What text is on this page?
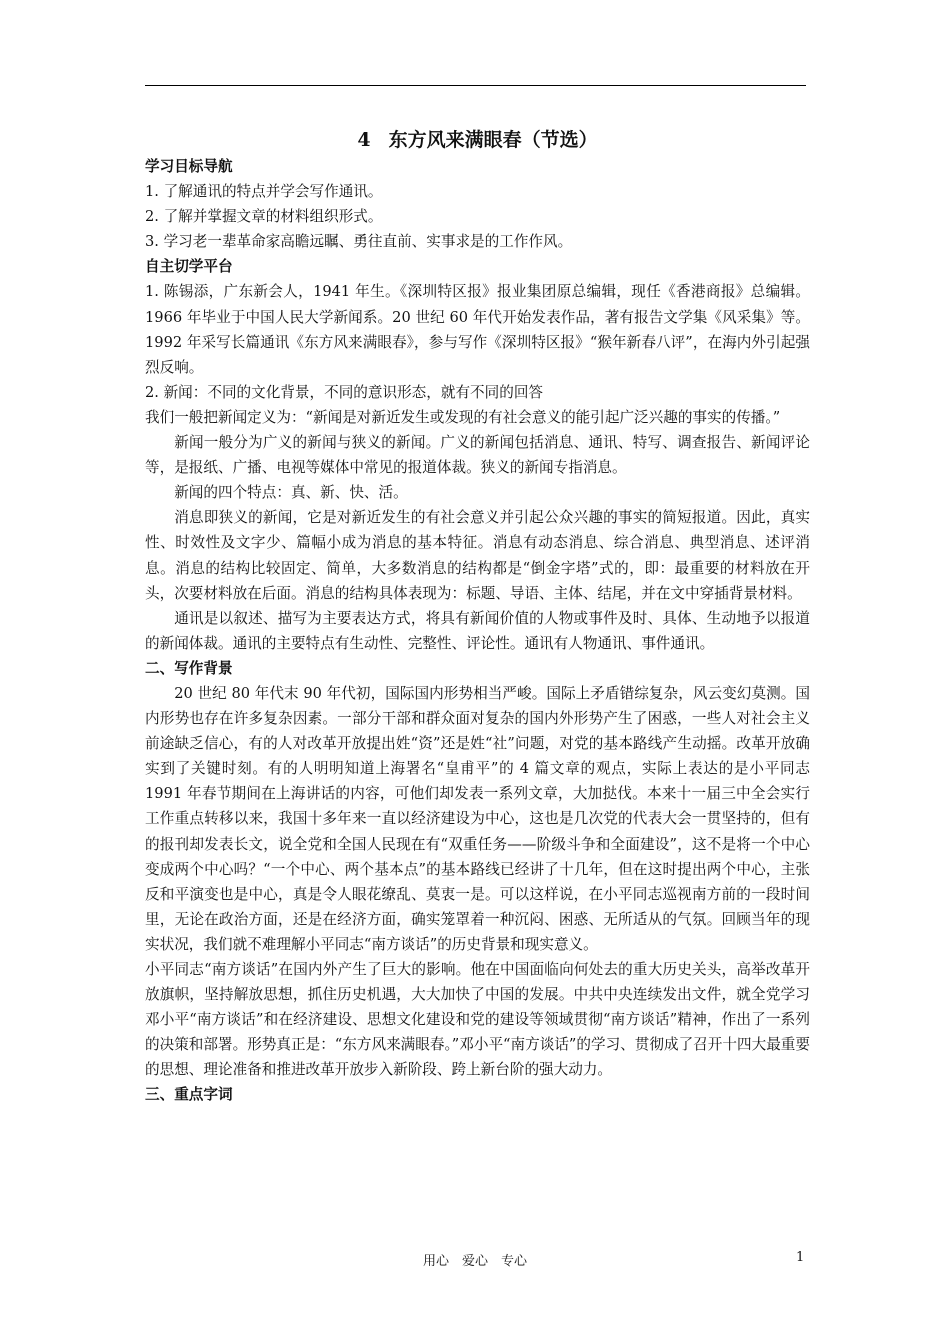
4 东方风来满眼春（节选）
学习目标导航

1. 了解通讯的特点并学会写作通讯。

2. 了解并掌握文章的材料组织形式。

3. 学习老一辈革命家高瞻远瞩、勇往直前、实事求是的工作作风。

自主切学平台

1. 陈锡添，广东新会人，1941 年生。《深圳特区报》报业集团原总编辑，现任《香港商报》总编辑。1966 年毕业于中国人民大学新闻系。20 世纪 60 年代开始发表作品，著有报告文学集《风采集》等。1992 年采写长篇通讯《东方风来满眼春》，参与写作《深圳特区报》“猴年新春八评”，在海内外引起强烈反响。

2. 新闻：不同的文化背景，不同的意识形态，就有不同的回答

我们一般把新闻定义为：“新闻是对新近发生或发现的有社会意义的能引起广泛兴趣的事实的传播。”

新闻一般分为广义的新闻与狭义的新闻。广义的新闻包括消息、通讯、特写、调查报告、新闻评论等，是报纸、广播、电视等媒体中常见的报道体裁。狭义的新闻专指消息。

新闻的四个特点：真、新、快、活。

消息即狭义的新闻，它是对新近发生的有社会意义并引起公众兴趣的事实的简短报道。因此，真实性、时效性及文字少、篇幅小成为消息的基本特征。消息有动态消息、综合消息、典型消息、述评消息。消息的结构比较固定、简单，大多数消息的结构都是“倒金字塔”式的，即：最重要的材料放在开头，次要材料放在后面。消息的结构具体表现为：标题、导语、主体、结尾，并在文中穿插背景材料。

通讯是以叙述、描写为主要表达方式，将具有新闻价值的人物或事件及时、具体、生动地予以报道的新闻体裁。通讯的主要特点有生动性、完整性、评论性。通讯有人物通讯、事件通讯。

二、写作背景

20 世纪 80 年代末 90 年代初，国际国内形势相当严峻。国际上矛盾错综复杂，风云变幻莫测。国内形势也存在许多复杂因素。一部分干部和群众面对复杂的国内外形势产生了困惑，一些人对社会主义前途缺乏信心，有的人对改革开放提出姓“资”还是姓“社”问题，对党的基本路线产生动摇。改革开放确实到了关键时刻。有的人明明知道上海署名“皇甫平”的 4 篇文章的观点，实际上表达的是小平同志 1991 年春节期间在上海讲话的内容，可他们却发表一系列文章，大加挞伐。本来十一届三中全会实行工作重点转移以来，我国十多年来一直以经济建设为中心，这也是几次党的代表大会一贯坚持的，但有的报刊却发表长文，说全党和全国人民现在有“双重任务——阶级斗争和全面建设”，这不是将一个中心变成两个中心吗？“一个中心、两个基本点”的基本路线已经讲了十几年，但在这时提出两个中心，主张反和平演变也是中心，真是令人眼花缭乱、莫衷一是。可以这样说，在小平同志巡视南方前的一段时间里，无论在政治方面，还是在经济方面，确实笼罩着一种沉闷、困惑、无所适从的气氛。回顾当年的现实状况，我们就不难理解小平同志“南方谈话”的历史背景和现实意义。

小平同志“南方谈话”在国内外产生了巨大的影响。他在中国面临向何处去的重大历史关头，高举改革开放旗帜，坚持解放思想，抓住历史机遇，大大加快了中国的发展。中共中央连续发出文件，就全党学习邓小平“南方谈话”和在经济建设、思想文化建设和党的建设等领域贯彻“南方谈话”精神，作出了一系列的决策和部署。形势真正是：“东方风来满眼春。”邓小平“南方谈话”的学习、贯彻成了召开十四大最重要的思想、理论准备和推进改革开放步入新阶段、跨上新台阶的强大动力。

三、重点字词
用心　爱心　专心	1
